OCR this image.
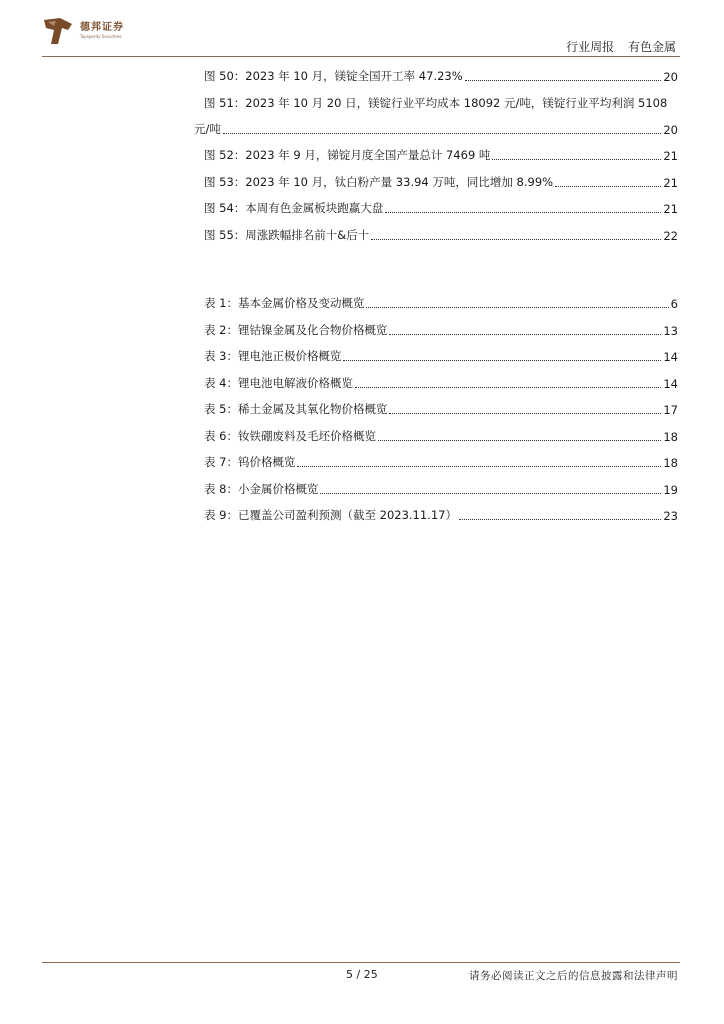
德邦证券
Topsperity Securities
行业周报 有色金属
图 50：2023 年 10 月，镁锭全国开工率 47.23%	20
图 51：2023 年 10 月 20 日，镁锭行业平均成本 18092 元/吨，镁锭行业平均利润 5108
元/吨	20
图 52：2023 年 9 月，锑锭月度全国产量总计 7469 吨	21
图 53：2023 年 10 月，钛白粉产量 33.94 万吨，同比增加 8.99%	21
图 54：本周有色金属板块跑赢大盘	21
图 55：周涨跌幅排名前十&后十	22
表 1：基本金属价格及变动概览	6
表 2：锂钴镍金属及化合物价格概览	13
表 3：锂电池正极价格概览	14
表 4：锂电池电解液价格概览	14
表 5：稀土金属及其氧化物价格概览	17
表 6：钕铁硼废料及毛坯价格概览	18
表 7：钨价格概览	18
表 8：小金属价格概览	19
表 9：已覆盖公司盈利预测（截至 2023.11.17）	23
5 / 25	请务必阅读正文之后的信息披露和法律声明
